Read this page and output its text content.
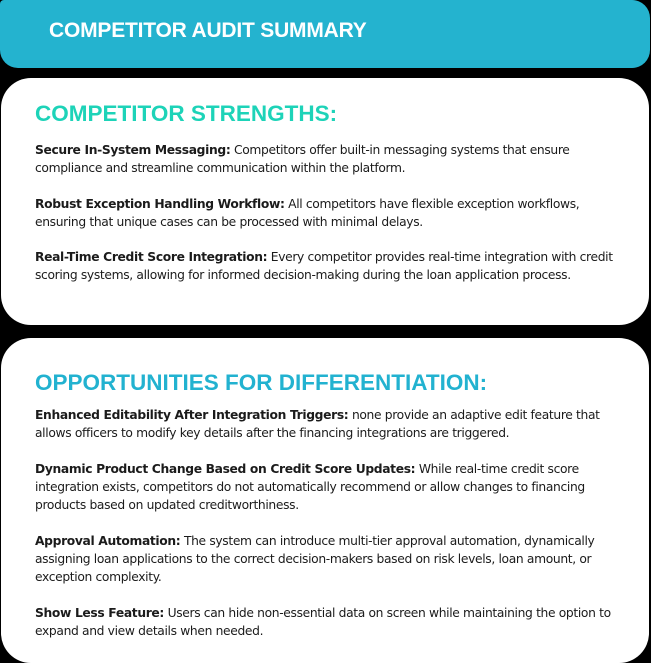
COMPETITOR AUDIT SUMMARY
COMPETITOR STRENGTHS:
Secure In-System Messaging: Competitors offer built-in messaging systems that ensure compliance and streamline communication within the platform.
Robust Exception Handling Workflow: All competitors have flexible exception workflows, ensuring that unique cases can be processed with minimal delays.
Real-Time Credit Score Integration: Every competitor provides real-time integration with credit scoring systems, allowing for informed decision-making during the loan application process.
OPPORTUNITIES FOR DIFFERENTIATION:
Enhanced Editability After Integration Triggers: none provide an adaptive edit feature that allows officers to modify key details after the financing integrations are triggered.
Dynamic Product Change Based on Credit Score Updates: While real-time credit score integration exists, competitors do not automatically recommend or allow changes to financing products based on updated creditworthiness.
Approval Automation: The system can introduce multi-tier approval automation, dynamically assigning loan applications to the correct decision-makers based on risk levels, loan amount, or exception complexity.
Show Less Feature: Users can hide non-essential data on screen while maintaining the option to expand and view details when needed.
